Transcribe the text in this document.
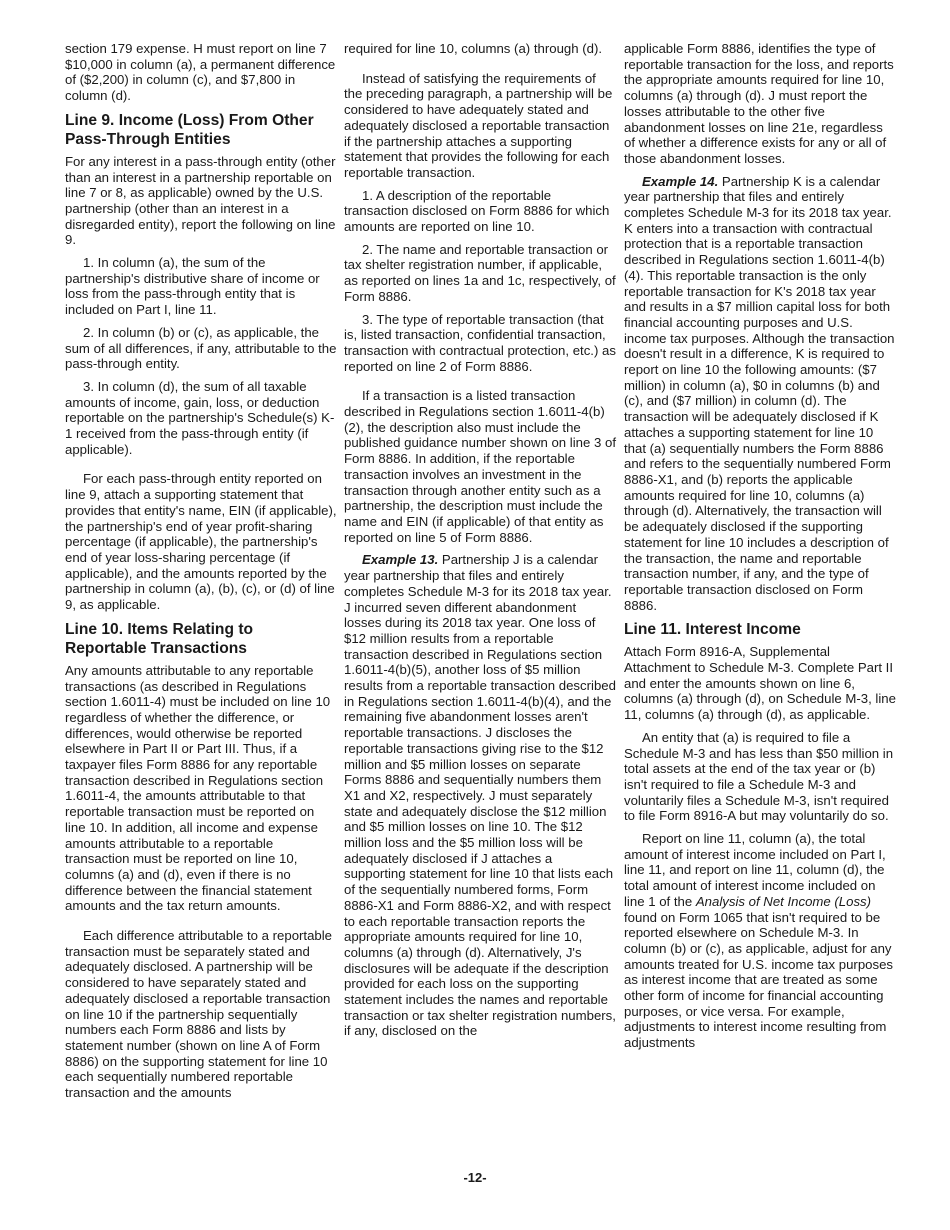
section 179 expense. H must report on line 7 $10,000 in column (a), a permanent difference of ($2,200) in column (c), and $7,800 in column (d).

Line 9. Income (Loss) From Other Pass-Through Entities

For any interest in a pass-through entity (other than an interest in a partnership reportable on line 7 or 8, as applicable) owned by the U.S. partnership (other than an interest in a disregarded entity), report the following on line 9.

1. In column (a), the sum of the partnership's distributive share of income or loss from the pass-through entity that is included on Part I, line 11.

2. In column (b) or (c), as applicable, the sum of all differences, if any, attributable to the pass-through entity.

3. In column (d), the sum of all taxable amounts of income, gain, loss, or deduction reportable on the partnership's Schedule(s) K-1 received from the pass-through entity (if applicable).

For each pass-through entity reported on line 9, attach a supporting statement that provides that entity's name, EIN (if applicable), the partnership's end of year profit-sharing percentage (if applicable), the partnership's end of year loss-sharing percentage (if applicable), and the amounts reported by the partnership in column (a), (b), (c), or (d) of line 9, as applicable.

Line 10. Items Relating to Reportable Transactions

Any amounts attributable to any reportable transactions (as described in Regulations section 1.6011-4) must be included on line 10 regardless of whether the difference, or differences, would otherwise be reported elsewhere in Part II or Part III. Thus, if a taxpayer files Form 8886 for any reportable transaction described in Regulations section 1.6011-4, the amounts attributable to that reportable transaction must be reported on line 10. In addition, all income and expense amounts attributable to a reportable transaction must be reported on line 10, columns (a) and (d), even if there is no difference between the financial statement amounts and the tax return amounts.

Each difference attributable to a reportable transaction must be separately stated and adequately disclosed. A partnership will be considered to have separately stated and adequately disclosed a reportable transaction on line 10 if the partnership sequentially numbers each Form 8886 and lists by statement number (shown on line A of Form 8886) on the supporting statement for line 10 each sequentially numbered reportable transaction and the amounts

required for line 10, columns (a) through (d).

Instead of satisfying the requirements of the preceding paragraph, a partnership will be considered to have adequately stated and adequately disclosed a reportable transaction if the partnership attaches a supporting statement that provides the following for each reportable transaction.

1. A description of the reportable transaction disclosed on Form 8886 for which amounts are reported on line 10.

2. The name and reportable transaction or tax shelter registration number, if applicable, as reported on lines 1a and 1c, respectively, of Form 8886.

3. The type of reportable transaction (that is, listed transaction, confidential transaction, transaction with contractual protection, etc.) as reported on line 2 of Form 8886.

If a transaction is a listed transaction described in Regulations section 1.6011-4(b)(2), the description also must include the published guidance number shown on line 3 of Form 8886. In addition, if the reportable transaction involves an investment in the transaction through another entity such as a partnership, the description must include the name and EIN (if applicable) of that entity as reported on line 5 of Form 8886.

Example 13. Partnership J is a calendar year partnership that files and entirely completes Schedule M-3 for its 2018 tax year. J incurred seven different abandonment losses during its 2018 tax year. One loss of $12 million results from a reportable transaction described in Regulations section 1.6011-4(b)(5), another loss of $5 million results from a reportable transaction described in Regulations section 1.6011-4(b)(4), and the remaining five abandonment losses aren't reportable transactions. J discloses the reportable transactions giving rise to the $12 million and $5 million losses on separate Forms 8886 and sequentially numbers them X1 and X2, respectively. J must separately state and adequately disclose the $12 million and $5 million losses on line 10. The $12 million loss and the $5 million loss will be adequately disclosed if J attaches a supporting statement for line 10 that lists each of the sequentially numbered forms, Form 8886-X1 and Form 8886-X2, and with respect to each reportable transaction reports the appropriate amounts required for line 10, columns (a) through (d). Alternatively, J's disclosures will be adequate if the description provided for each loss on the supporting statement includes the names and reportable transaction or tax shelter registration numbers, if any, disclosed on the

applicable Form 8886, identifies the type of reportable transaction for the loss, and reports the appropriate amounts required for line 10, columns (a) through (d). J must report the losses attributable to the other five abandonment losses on line 21e, regardless of whether a difference exists for any or all of those abandonment losses.

Example 14. Partnership K is a calendar year partnership that files and entirely completes Schedule M-3 for its 2018 tax year. K enters into a transaction with contractual protection that is a reportable transaction described in Regulations section 1.6011-4(b)(4). This reportable transaction is the only reportable transaction for K's 2018 tax year and results in a $7 million capital loss for both financial accounting purposes and U.S. income tax purposes. Although the transaction doesn't result in a difference, K is required to report on line 10 the following amounts: ($7 million) in column (a), $0 in columns (b) and (c), and ($7 million) in column (d). The transaction will be adequately disclosed if K attaches a supporting statement for line 10 that (a) sequentially numbers the Form 8886 and refers to the sequentially numbered Form 8886-X1, and (b) reports the applicable amounts required for line 10, columns (a) through (d). Alternatively, the transaction will be adequately disclosed if the supporting statement for line 10 includes a description of the transaction, the name and reportable transaction number, if any, and the type of reportable transaction disclosed on Form 8886.

Line 11. Interest Income

Attach Form 8916-A, Supplemental Attachment to Schedule M-3. Complete Part II and enter the amounts shown on line 6, columns (a) through (d), on Schedule M-3, line 11, columns (a) through (d), as applicable.

An entity that (a) is required to file a Schedule M-3 and has less than $50 million in total assets at the end of the tax year or (b) isn't required to file a Schedule M-3 and voluntarily files a Schedule M-3, isn't required to file Form 8916-A but may voluntarily do so.

Report on line 11, column (a), the total amount of interest income included on Part I, line 11, and report on line 11, column (d), the total amount of interest income included on line 1 of the Analysis of Net Income (Loss) found on Form 1065 that isn't required to be reported elsewhere on Schedule M-3. In column (b) or (c), as applicable, adjust for any amounts treated for U.S. income tax purposes as interest income that are treated as some other form of income for financial accounting purposes, or vice versa. For example, adjustments to interest income resulting from adjustments

-12-
